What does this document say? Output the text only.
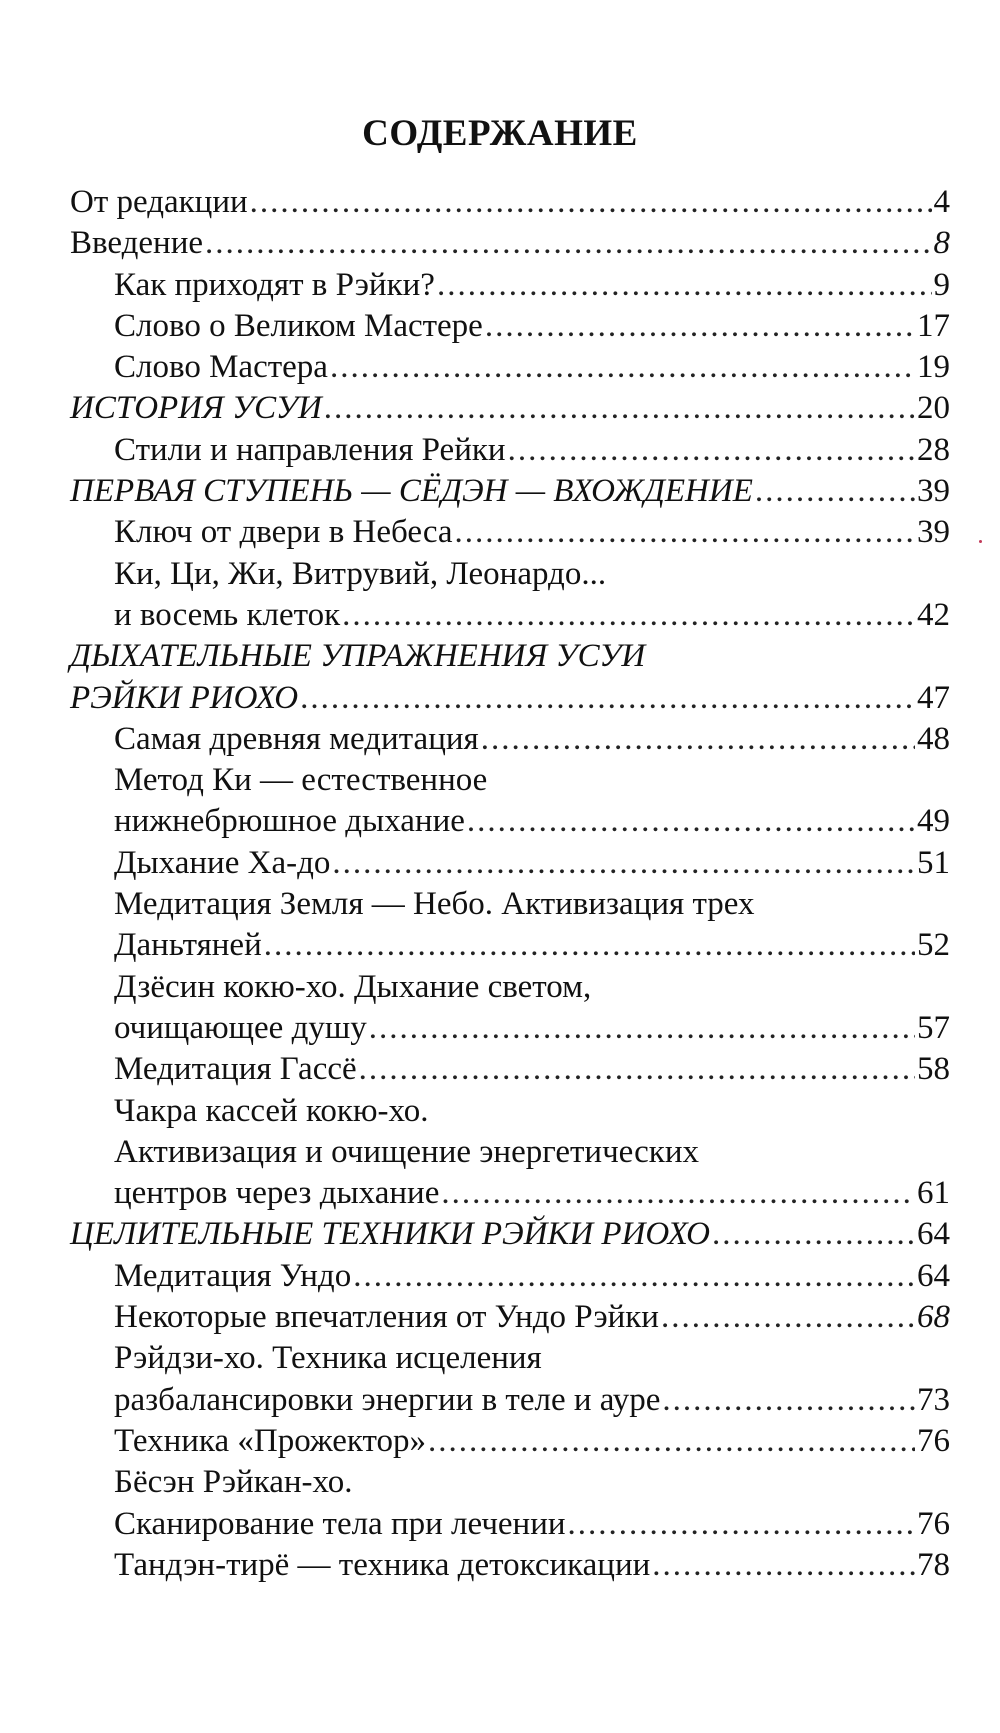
СОДЕРЖАНИЕ
От редакции .....	4
Введение .....	8
Как приходят в Рэйки? .....	9
Слово о Великом Мастере .....	17
Слово Мастера .....	19
ИСТОРИЯ УСУИ .....	20
Стили и направления Рейки .....	28
ПЕРВАЯ СТУПЕНЬ — СЁДЭН — ВХОЖДЕНИЕ .....	39
Ключ от двери в Небеса .....	39
Ки, Ци, Жи, Витрувий, Леонардо...
и восемь клеток .....	42
ДЫХАТЕЛЬНЫЕ УПРАЖНЕНИЯ УСУИ
РЭЙКИ РИОХО .....	47
Самая древняя медитация .....	48
Метод Ки — естественное
нижнебрюшное дыхание .....	49
Дыхание Ха-до .....	51
Медитация Земля — Небо. Активизация трех
Даньтяней .....	52
Дзёсин кокю-хо. Дыхание светом,
очищающее душу .....	57
Медитация Гассё .....	58
Чакра кассей кокю-хо.
Активизация и очищение энергетических
центров через дыхание .....	61
ЦЕЛИТЕЛЬНЫЕ ТЕХНИКИ РЭЙКИ РИОХО .....	64
Медитация Ундо .....	64
Некоторые впечатления от Ундо Рэйки .....	68
Рэйдзи-хо. Техника исцеления
разбалансировки энергии в теле и ауре .....	73
Техника «Прожектор» .....	76
Бёсэн Рэйкан-хо.
Сканирование тела при лечении .....	76
Тандэн-тирё — техника детоксикации .....	78
